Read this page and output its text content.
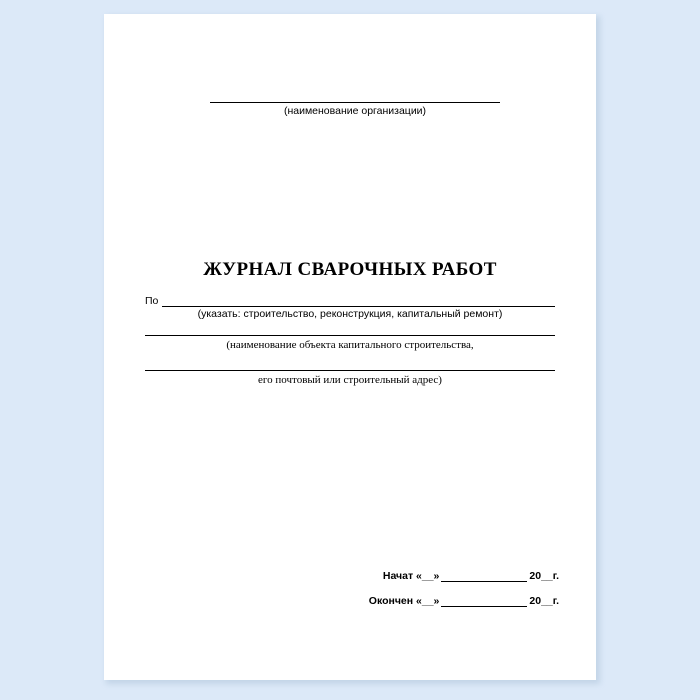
(наименование организации)
ЖУРНАЛ СВАРОЧНЫХ РАБОТ
По
(указать: строительство, реконструкция, капитальный ремонт)
(наименование объекта капитального строительства,
его почтовый или строительный адрес)
Начат «__»	20__г.
Окончен «__»	20__г.
